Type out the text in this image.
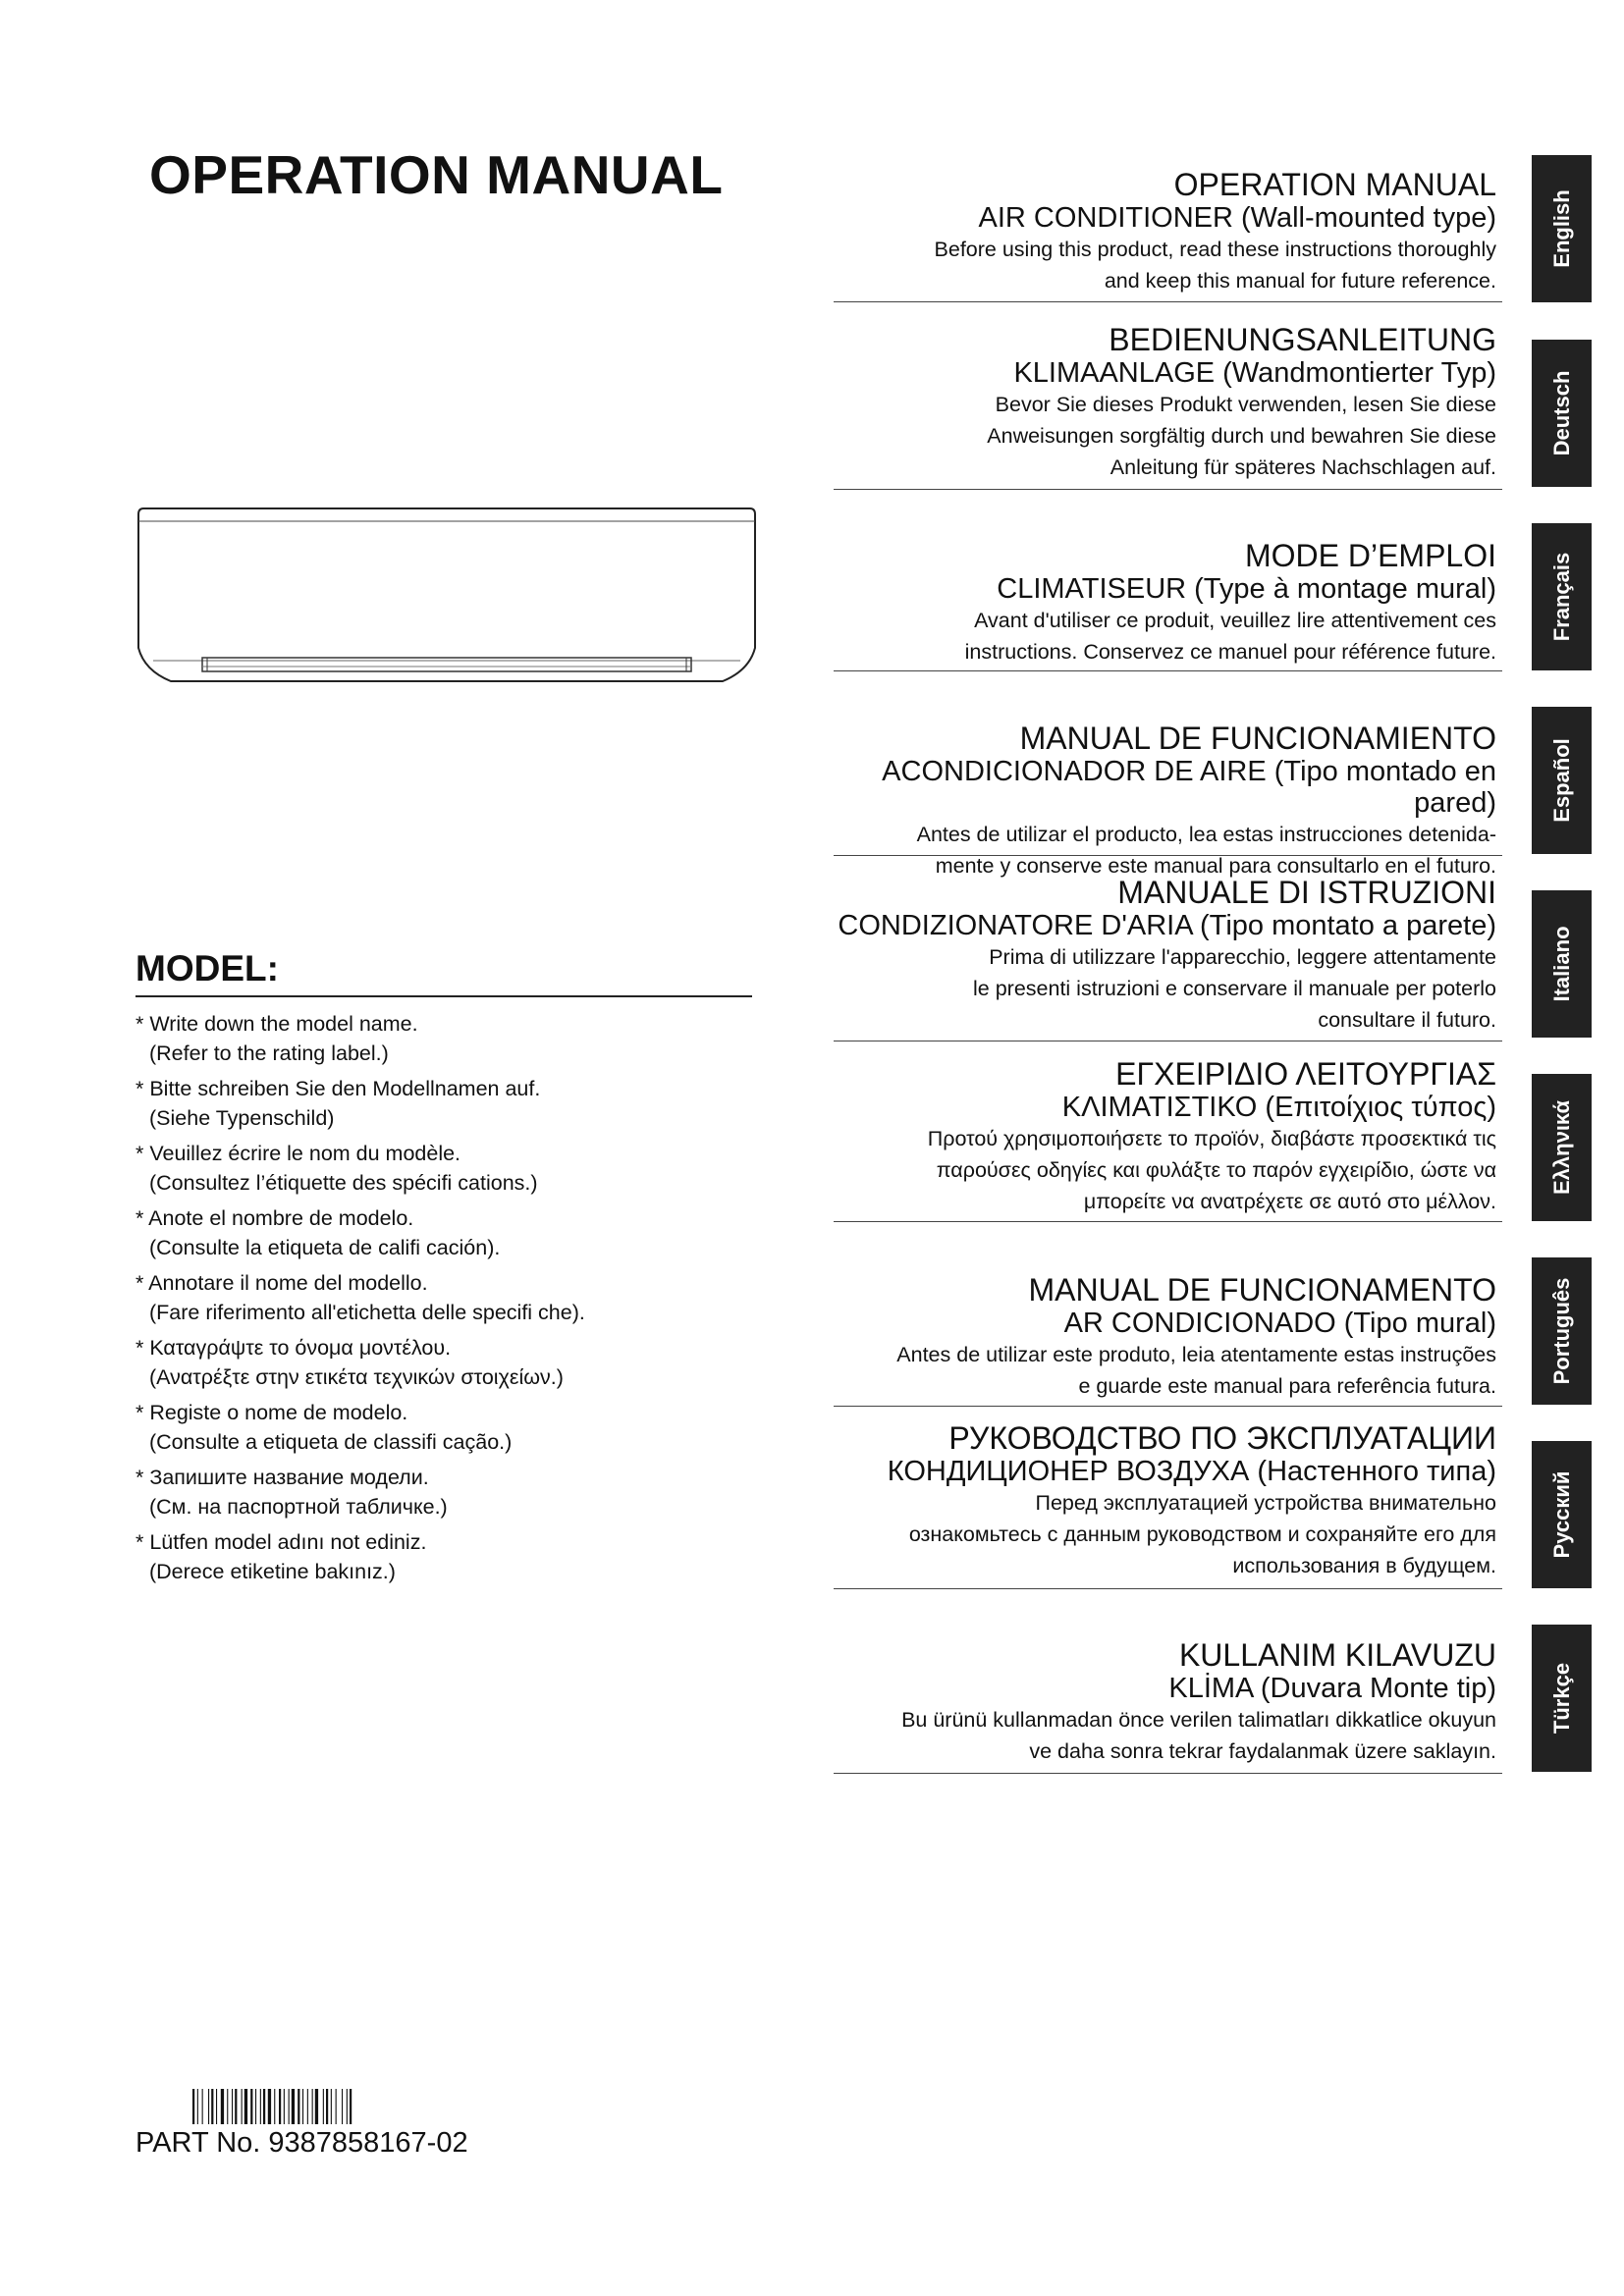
OPERATION MANUAL
MODEL:
* Write down the model name.
(Refer to the rating label.)
* Bitte schreiben Sie den Modellnamen auf.
(Siehe Typenschild)
* Veuillez écrire le nom du modèle.
(Consultez l’étiquette des spécifi cations.)
* Anote el nombre de modelo.
(Consulte la etiqueta de califi cación).
* Annotare il nome del modello.
(Fare riferimento all'etichetta delle specifi che).
* Καταγράψτε το όνομα μοντέλου.
(Ανατρέξτε στην ετικέτα τεχνικών στοιχείων.)
* Registe o nome de modelo.
(Consulte a etiqueta de classifi cação.)
* Запишите название модели.
(См. на паспортной табличке.)
* Lütfen model adını not ediniz.
(Derece etiketine bakınız.)
PART No. 9387858167-02
OPERATION MANUAL
AIR CONDITIONER (Wall-mounted type)
Before using this product, read these instructions thoroughly
and keep this manual for future reference.
BEDIENUNGSANLEITUNG
KLIMAANLAGE (Wandmontierter Typ)
Bevor Sie dieses Produkt verwenden, lesen Sie diese
Anweisungen sorgfältig durch und bewahren Sie diese
Anleitung für späteres Nachschlagen auf.
MODE D’EMPLOI
CLIMATISEUR (Type à montage mural)
Avant d'utiliser ce produit, veuillez lire attentivement ces
instructions. Conservez ce manuel pour référence future.
MANUAL DE FUNCIONAMIENTO
ACONDICIONADOR DE AIRE (Tipo montado en pared)
Antes de utilizar el producto, lea estas instrucciones detenida-
mente y conserve este manual para consultarlo en el futuro.
MANUALE DI ISTRUZIONI
CONDIZIONATORE D'ARIA (Tipo montato a parete)
Prima di utilizzare l'apparecchio, leggere attentamente
le presenti istruzioni e conservare il manuale per poterlo
consultare il futuro.
ΕΓΧΕΙΡΙΔΙΟ ΛΕΙΤΟΥΡΓΙΑΣ
ΚΛΙΜΑΤΙΣΤΙΚΟ (Επιτοίχιος τύπος)
Προτού χρησιμοποιήσετε το προϊόν, διαβάστε προσεκτικά τις
παρούσες οδηγίες και φυλάξτε το παρόν εγχειρίδιο, ώστε να
μπορείτε να ανατρέχετε σε αυτό στο μέλλον.
MANUAL DE FUNCIONAMENTO
AR CONDICIONADO (Tipo mural)
Antes de utilizar este produto, leia atentamente estas instruções
e guarde este manual para referência futura.
РУКОВОДСТВО ПО ЭКСПЛУАТАЦИИ
КОНДИЦИОНЕР ВОЗДУХА (Настенного типа)
Перед эксплуатацией устройства внимательно
ознакомьтесь с данным руководством и сохраняйте его для
использования в будущем.
KULLANIM KILAVUZU
KLİMA (Duvara Monte tip)
Bu ürünü kullanmadan önce verilen talimatları dikkatlice okuyun
ve daha sonra tekrar faydalanmak üzere saklayın.
English
Deutsch
Français
Español
Italiano
Ελληνικά
Português
Русский
Türkçe
